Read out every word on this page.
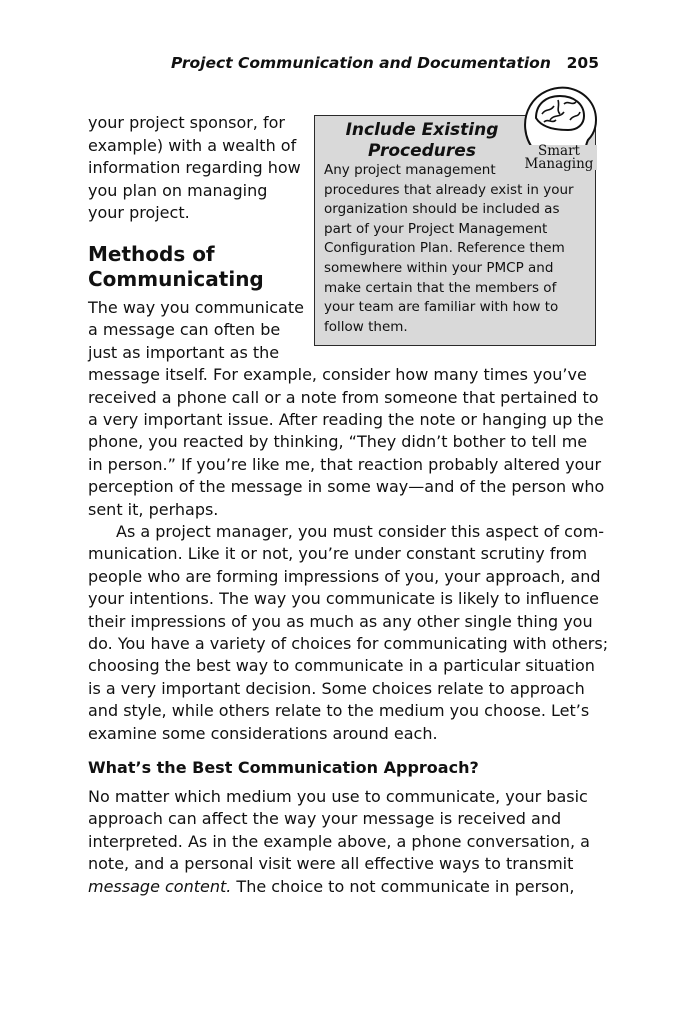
Project Communication and Documentation 205
your project sponsor, for
example) with a wealth of
information regarding how
you plan on managing
your project.
Methods of
Communicating
Include Existing
Procedures
Any project management
procedures that already exist in your
organization should be included as
part of your Project Management
Configuration Plan. Reference them
somewhere within your PMCP and
make certain that the members of
your team are familiar with how to
follow them.
Smart
Managing
The way you communicate
a message can often be
just as important as the
message itself. For example, consider how many times you’ve
received a phone call or a note from someone that pertained to
a very important issue. After reading the note or hanging up the
phone, you reacted by thinking, “They didn’t bother to tell me
in person.” If you’re like me, that reaction probably altered your
perception of the message in some way—and of the person who
sent it, perhaps.
As a project manager, you must consider this aspect of com-
munication. Like it or not, you’re under constant scrutiny from
people who are forming impressions of you, your approach, and
your intentions. The way you communicate is likely to influence
their impressions of you as much as any other single thing you
do. You have a variety of choices for communicating with others;
choosing the best way to communicate in a particular situation
is a very important decision. Some choices relate to approach
and style, while others relate to the medium you choose. Let’s
examine some considerations around each.
What’s the Best Communication Approach?
No matter which medium you use to communicate, your basic
approach can affect the way your message is received and
interpreted. As in the example above, a phone conversation, a
note, and a personal visit were all effective ways to transmit
message content. The choice to not communicate in person,
